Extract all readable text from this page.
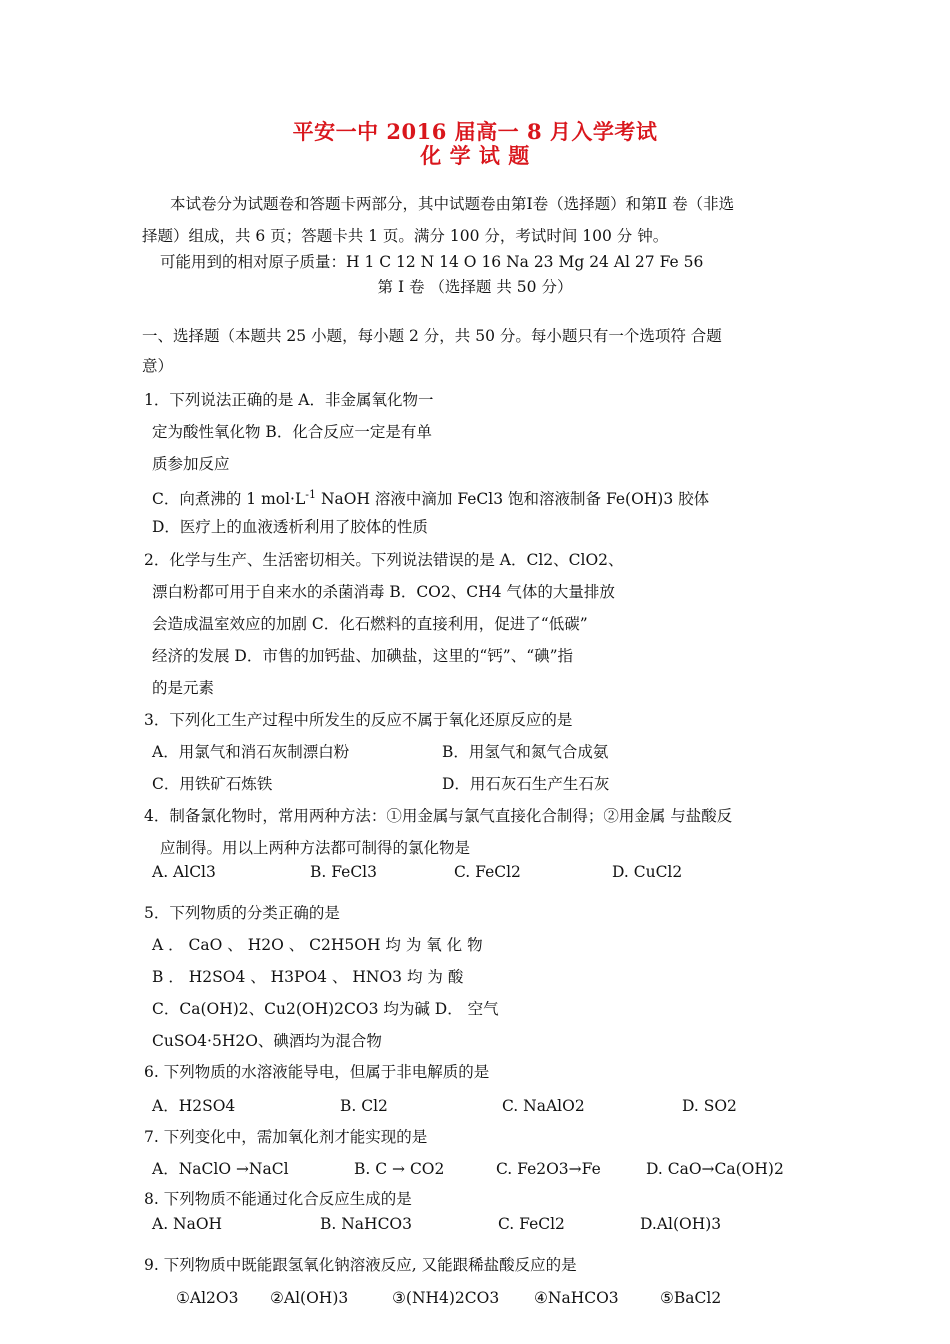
平安一中 2016 届高一 8 月入学考试
化 学 试 题
本试卷分为试题卷和答题卡两部分，其中试题卷由第Ⅰ卷（选择题）和第Ⅱ 卷（非选
择题）组成，共 6 页；答题卡共 1 页。满分 100 分，考试时间 100 分 钟。
可能用到的相对原子质量：H 1 C 12 N 14 O 16 Na 23 Mg 24 Al 27 Fe 56
第 I 卷 （选择题 共 50 分）
一、选择题（本题共 25 小题，每小题 2 分，共 50 分。每小题只有一个选项符 合题
意）
1．下列说法正确的是 A．非金属氧化物一
定为酸性氧化物 B．化合反应一定是有单
质参加反应
C．向煮沸的 1 $mol\cdot L^{-1}$ NaOH 溶液中滴加 FeCl3 饱和溶液制备 Fe(OH)3 胶体
D．医疗上的血液透析利用了胶体的性质
2．化学与生产、生活密切相关。下列说法错误的是 A．Cl2、ClO2、
漂白粉都可用于自来水的杀菌消毒 B．CO2、CH4 气体的大量排放
会造成温室效应的加剧 C．化石燃料的直接利用，促进了“低碳”
经济的发展 D．市售的加钙盐、加碘盐，这里的“钙”、“碘”指
的是元素
3．下列化工生产过程中所发生的反应不属于氧化还原反应的是
A．用氯气和消石灰制漂白粉	B．用氢气和氮气合成氨
C．用铁矿石炼铁	D．用石灰石生产生石灰
4．制备氯化物时，常用两种方法：①用金属与氯气直接化合制得；②用金属 与盐酸反
应制得。用以上两种方法都可制得的氯化物是
A. AlCl3	B. FeCl3	C. FeCl2	D. CuCl2
5．下列物质的分类正确的是
A ． CaO 、 H2O 、 C2H5OH 均 为 氧 化 物
B ． H2SO4 、 H3PO4 、 HNO3 均 为 酸
C．Ca(OH)2、Cu2(OH)2CO3 均为碱 D． 空气
CuSO4·5H2O、碘酒均为混合物
6. 下列物质的水溶液能导电，但属于非电解质的是
A．H2SO4	B. Cl2	C. NaAlO2	D. SO2
7. 下列变化中，需加氧化剂才能实现的是
A．NaClO →NaCl	B. C → CO2	C. Fe2O3→Fe	D. CaO→Ca(OH)2
8. 下列物质不能通过化合反应生成的是
A. NaOH	B. NaHCO3	C. FeCl2	D.Al(OH)3
9. 下列物质中既能跟氢氧化钠溶液反应, 又能跟稀盐酸反应的是
①Al2O3 ②Al(OH)3	③(NH4)2CO3 ④NaHCO3	⑤BaCl2
